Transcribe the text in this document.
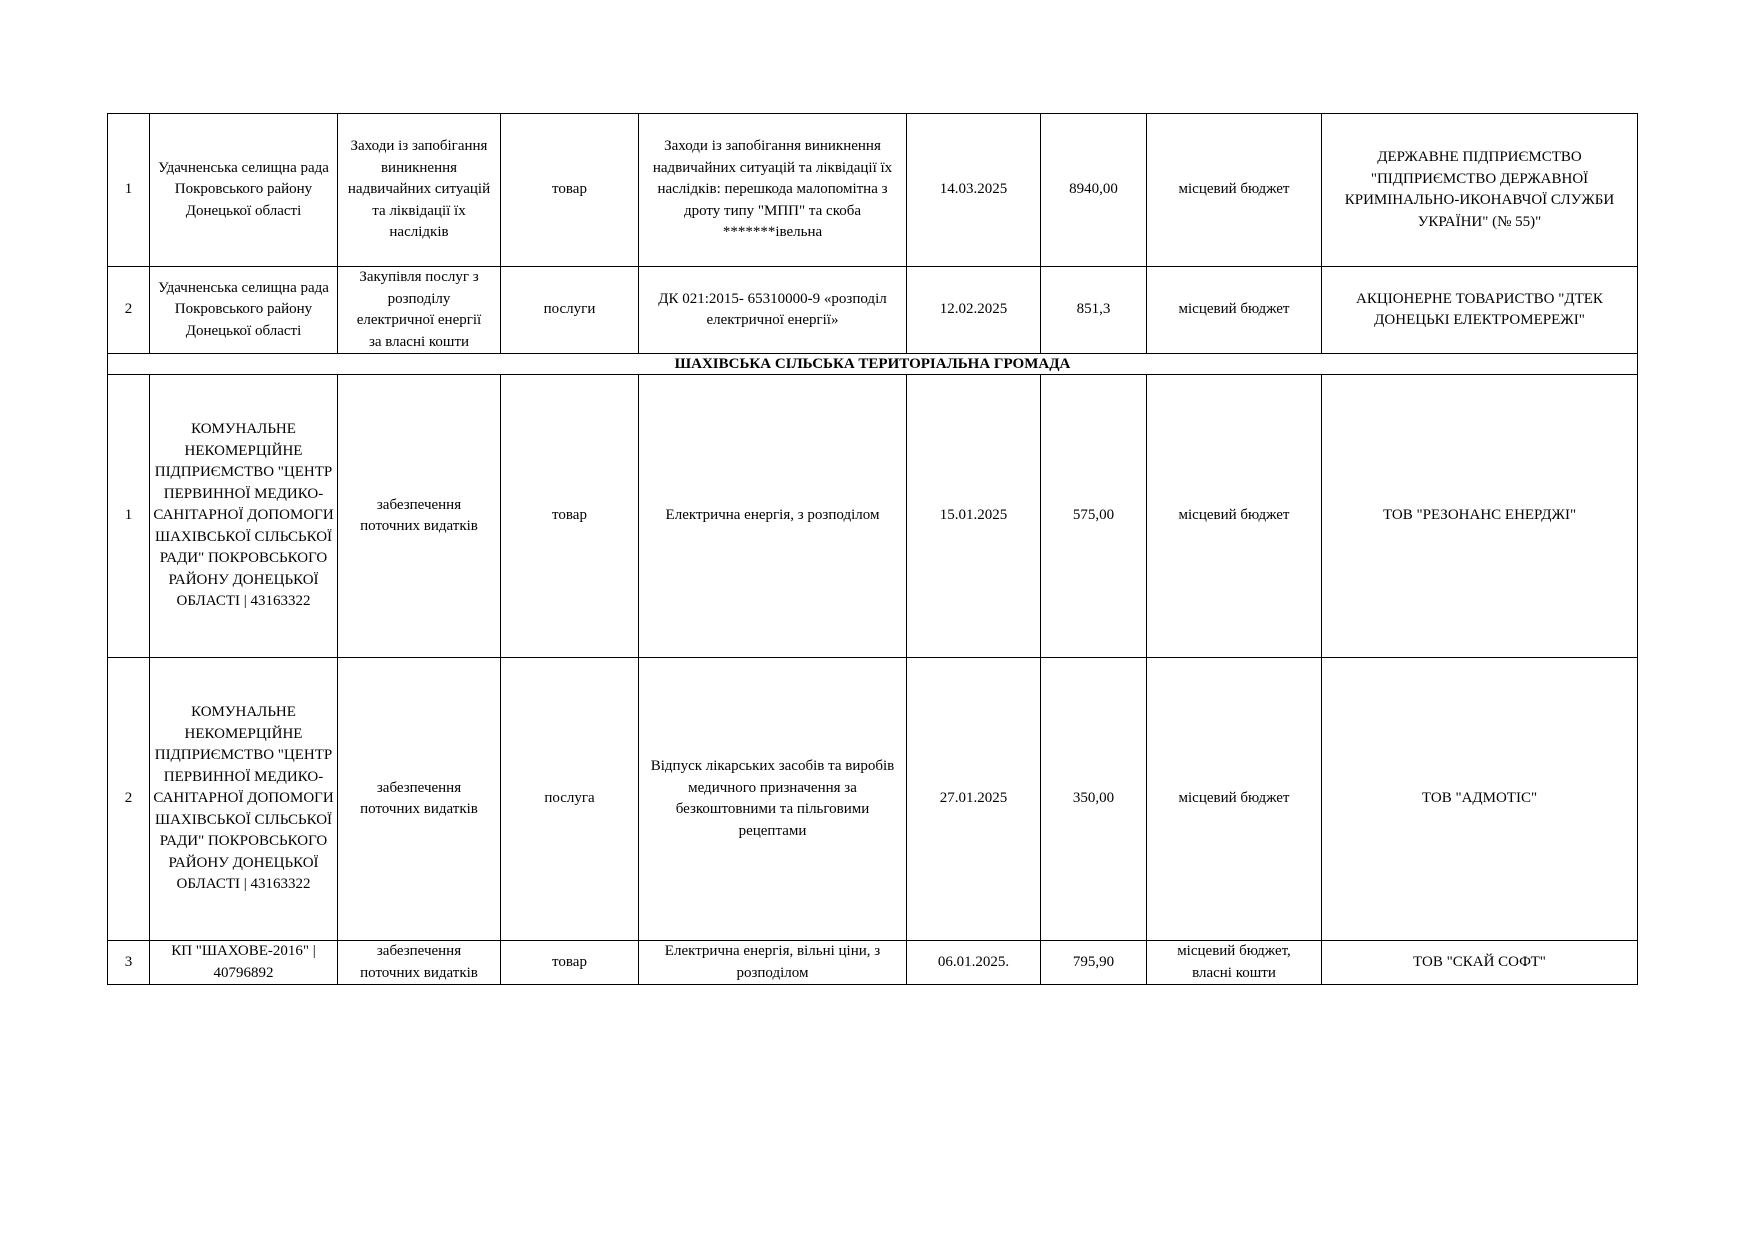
1	Удачненська селищна рада Покровського району Донецької області	Заходи із запобігання виникнення надвичайних ситуацій та ліквідації їх наслідків	товар	Заходи із запобігання виникнення надвичайних ситуацій та ліквідації їх наслідків: перешкода малопомітна з дроту типу "МПП" та скоба *******івельна	14.03.2025	8940,00	місцевий бюджет	ДЕРЖАВНЕ ПІДПРИЄМСТВО "ПІДПРИЄМСТВО ДЕРЖАВНОЇ КРИМІНАЛЬНО-ИКОНАВЧОЇ СЛУЖБИ УКРАЇНИ" (№ 55)"
2	Удачненська селищна рада Покровського району Донецької області	Закупівля послуг з розподілу електричної енергії за власні кошти	послуги	ДК 021:2015- 65310000-9 «розподіл електричної енергії»	12.02.2025	851,3	місцевий бюджет	АКЦІОНЕРНЕ ТОВАРИСТВО "ДТЕК ДОНЕЦЬКІ ЕЛЕКТРОМЕРЕЖІ"
ШАХІВСЬКА СІЛЬСЬКА ТЕРИТОРІАЛЬНА ГРОМАДА								
1	КОМУНАЛЬНЕ НЕКОМЕРЦІЙНЕ ПІДПРИЄМСТВО "ЦЕНТР ПЕРВИННОЇ МЕДИКО-САНІТАРНОЇ ДОПОМОГИ ШАХІВСЬКОЇ СІЛЬСЬКОЇ РАДИ" ПОКРОВСЬКОГО РАЙОНУ ДОНЕЦЬКОЇ ОБЛАСТІ | 43163322	забезпечення поточних видатків	товар	Електрична енергія, з розподілом	15.01.2025	575,00	місцевий бюджет	ТОВ "РЕЗОНАНС ЕНЕРДЖІ"
2	КОМУНАЛЬНЕ НЕКОМЕРЦІЙНЕ ПІДПРИЄМСТВО "ЦЕНТР ПЕРВИННОЇ МЕДИКО-САНІТАРНОЇ ДОПОМОГИ ШАХІВСЬКОЇ СІЛЬСЬКОЇ РАДИ" ПОКРОВСЬКОГО РАЙОНУ ДОНЕЦЬКОЇ ОБЛАСТІ | 43163322	забезпечення поточних видатків	послуга	Відпуск лікарських засобів та виробів медичного призначення за безкоштовними та пільговими рецептами	27.01.2025	350,00	місцевий бюджет	ТОВ "АДМОТІС"
3	КП "ШАХОВЕ-2016" | 40796892	забезпечення поточних видатків	товар	Електрична енергія, вільні ціни, з розподілом	06.01.2025.	795,90	місцевий бюджет, власні кошти	ТОВ "СКАЙ СОФТ"
